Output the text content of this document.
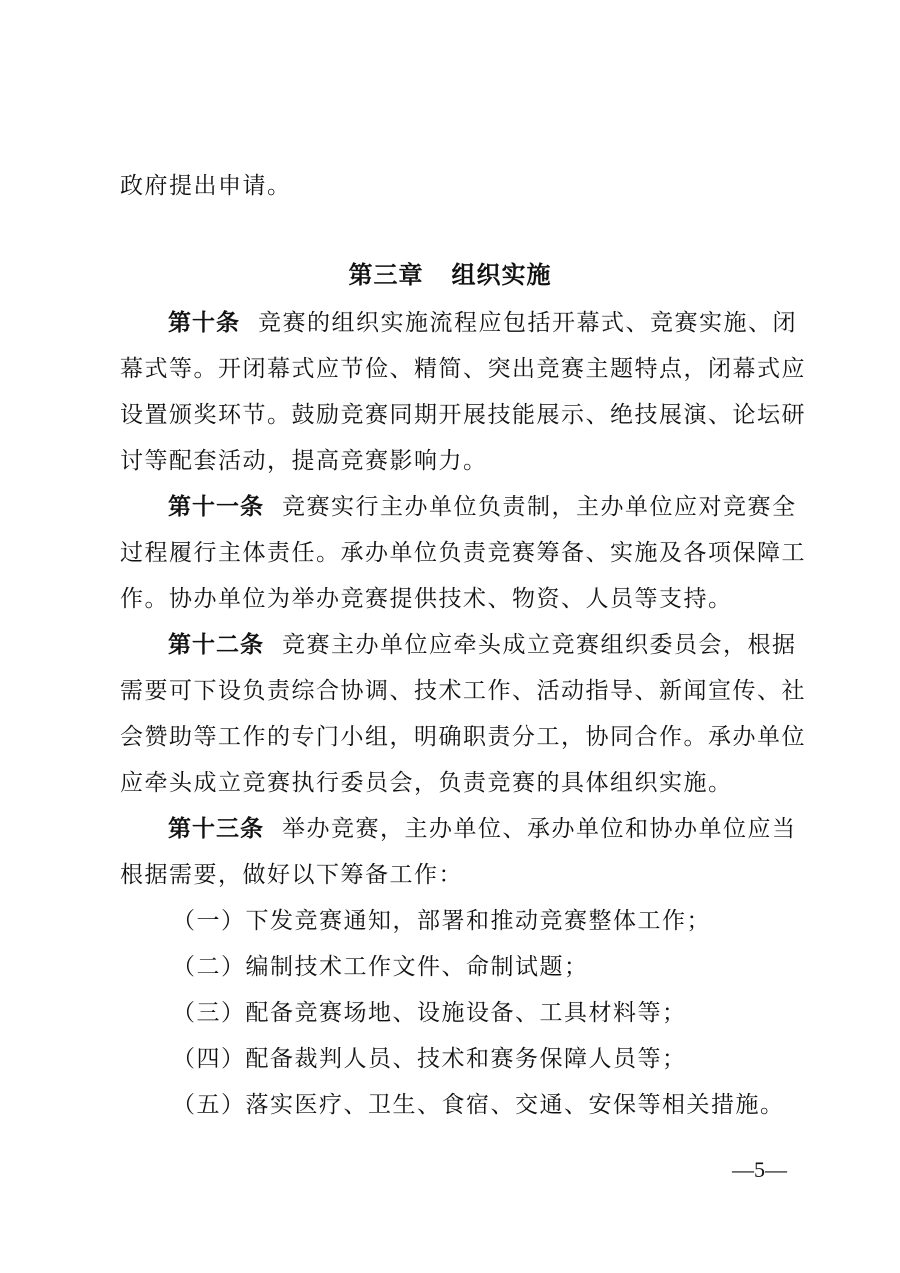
政府提出申请。
第三章 组织实施
第十条 竞赛的组织实施流程应包括开幕式、竞赛实施、闭
幕式等。开闭幕式应节俭、精简、突出竞赛主题特点，闭幕式应
设置颁奖环节。鼓励竞赛同期开展技能展示、绝技展演、论坛研
讨等配套活动，提高竞赛影响力。
第十一条 竞赛实行主办单位负责制，主办单位应对竞赛全
过程履行主体责任。承办单位负责竞赛筹备、实施及各项保障工
作。协办单位为举办竞赛提供技术、物资、人员等支持。
第十二条 竞赛主办单位应牵头成立竞赛组织委员会，根据
需要可下设负责综合协调、技术工作、活动指导、新闻宣传、社
会赞助等工作的专门小组，明确职责分工，协同合作。承办单位
应牵头成立竞赛执行委员会，负责竞赛的具体组织实施。
第十三条 举办竞赛，主办单位、承办单位和协办单位应当
根据需要，做好以下筹备工作：
（一）下发竞赛通知，部署和推动竞赛整体工作；
（二）编制技术工作文件、命制试题；
（三）配备竞赛场地、设施设备、工具材料等；
（四）配备裁判人员、技术和赛务保障人员等；
（五）落实医疗、卫生、食宿、交通、安保等相关措施。
—5—
